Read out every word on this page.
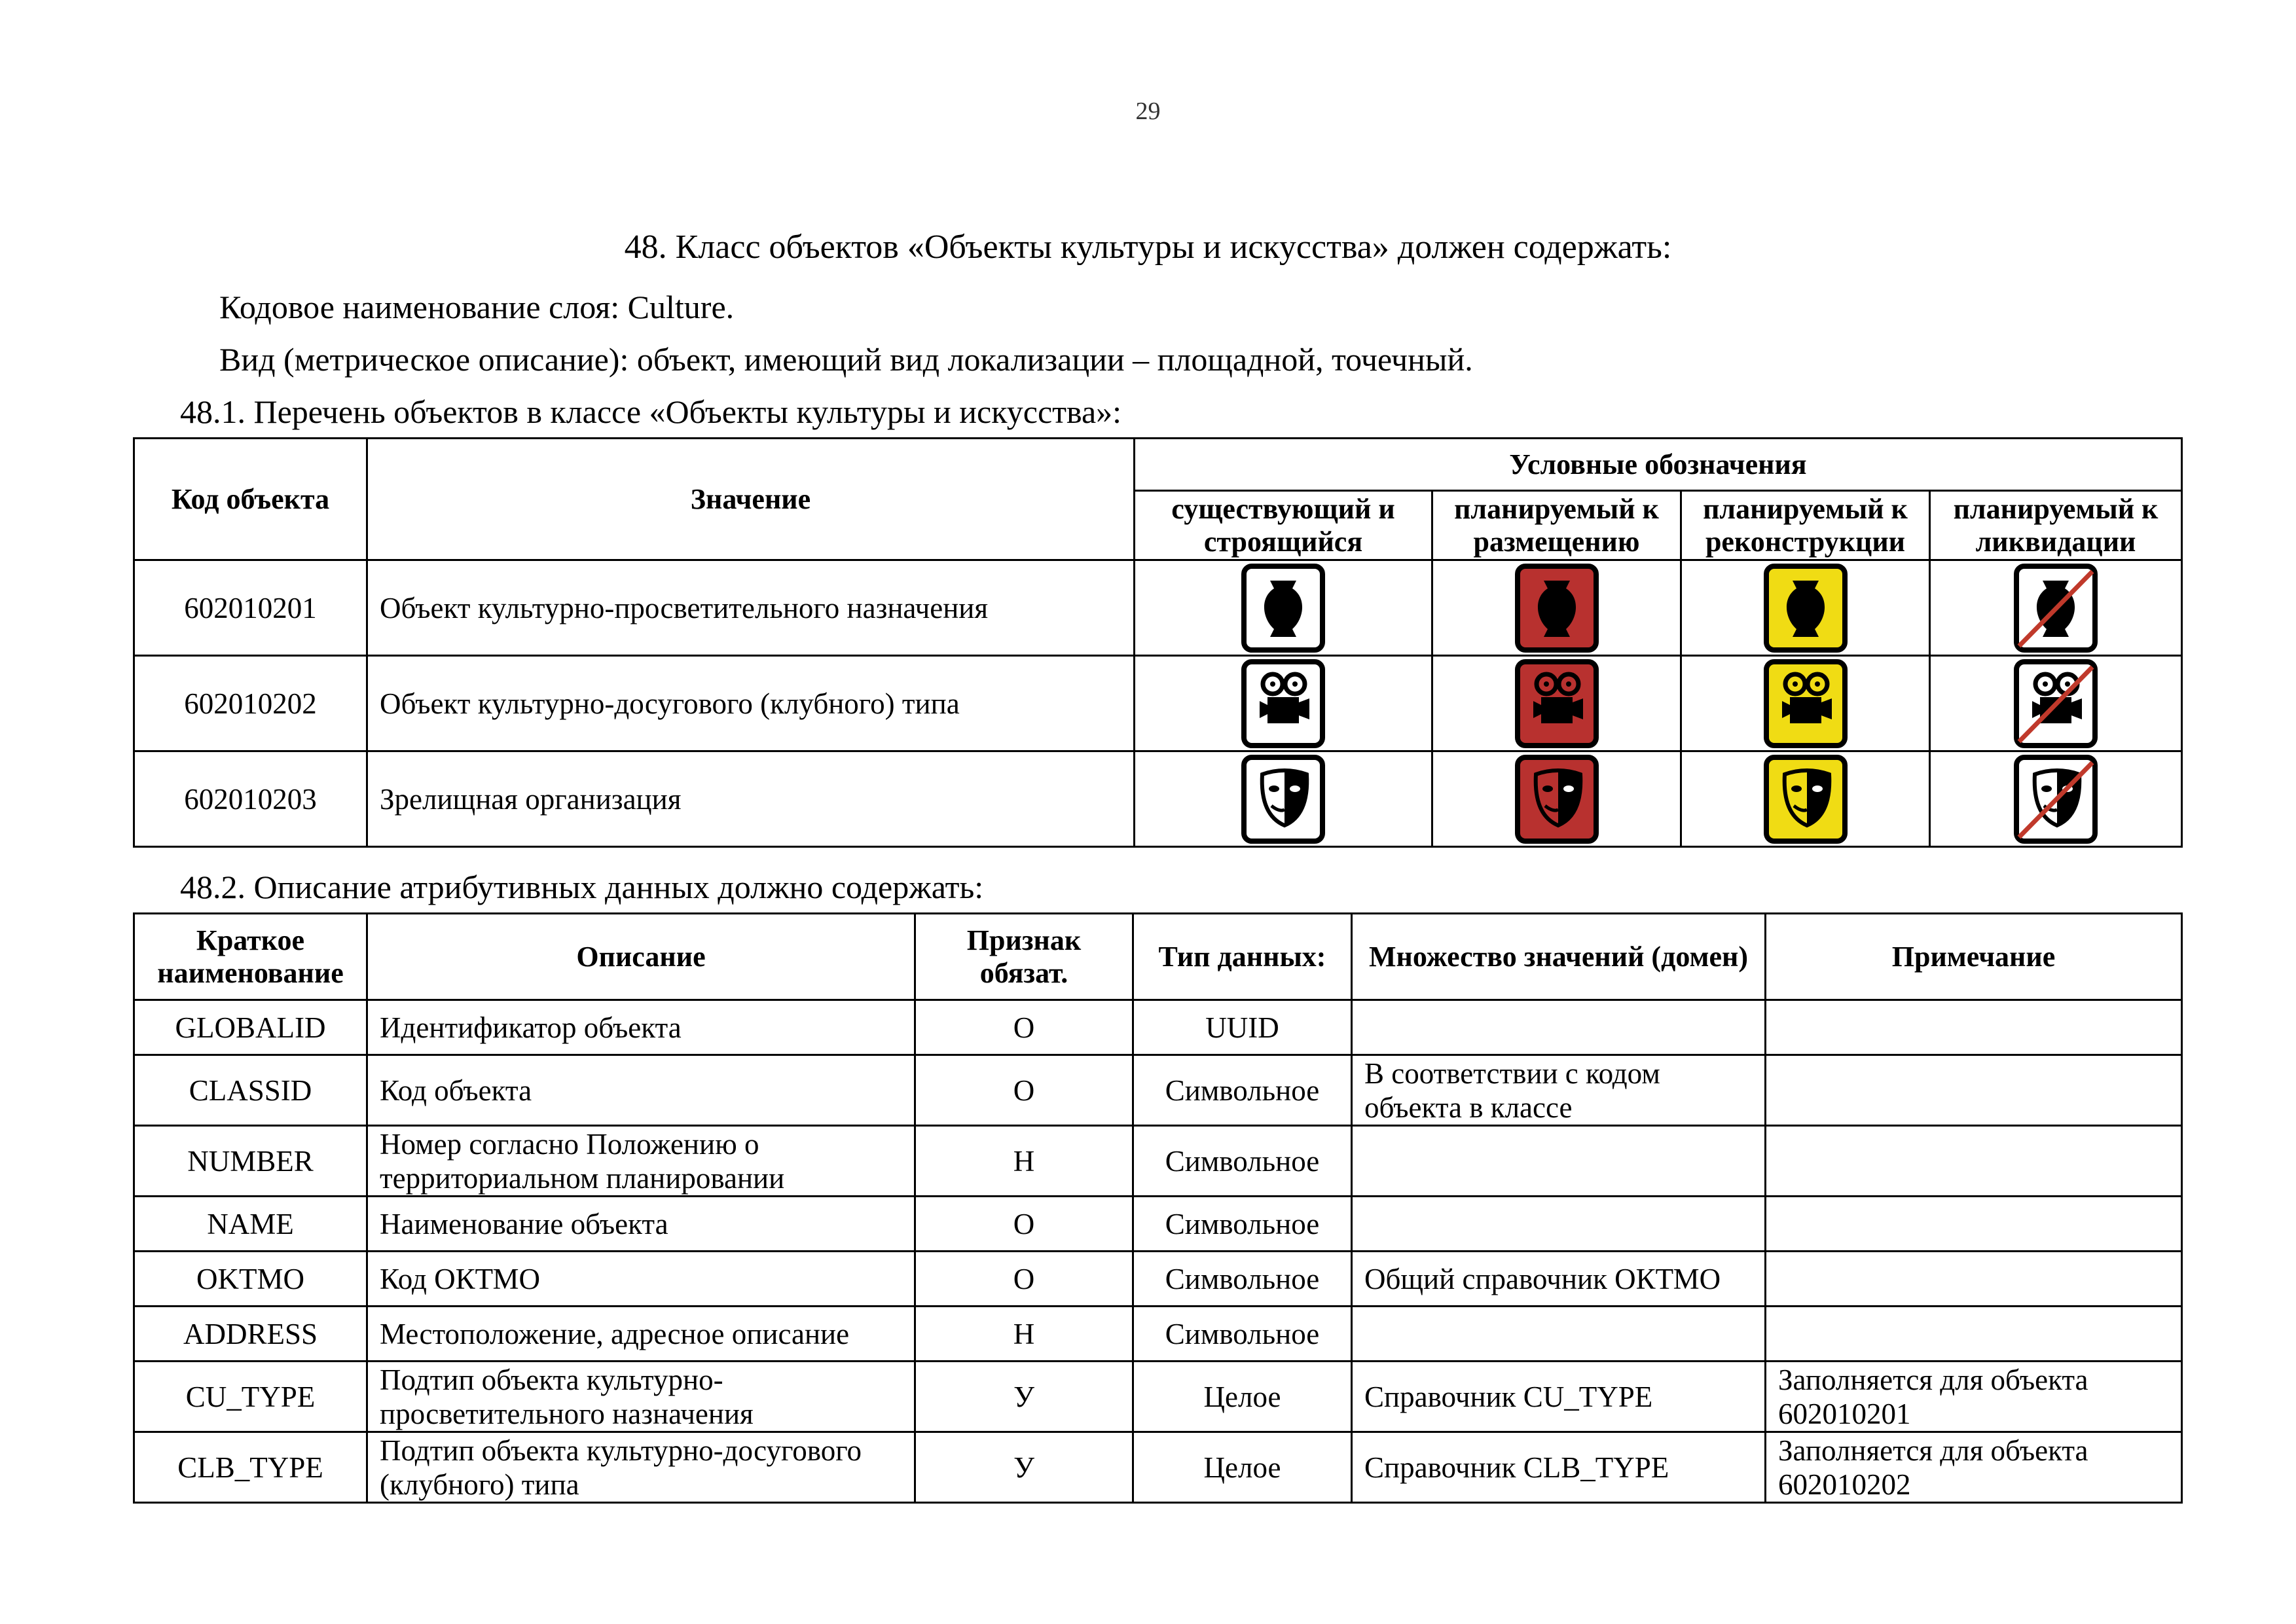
29
48. Класс объектов «Объекты культуры и искусства» должен содержать:
Кодовое наименование слоя: Culture.
Вид (метрическое описание): объект, имеющий вид локализации – площадной, точечный.
48.1. Перечень объектов в классе «Объекты культуры и искусства»:
Код объекта	Значение	Условные обозначения			
		существующий и строящийся	планируемый к размещению	планируемый к реконструкции	планируемый к ликвидации
602010201	Объект культурно-просветительного назначения	

602010202	Объект культурно-досугового (клубного) типа	

602010203	Зрелищная организация	

48.2. Описание атрибутивных данных должно содержать:
Краткое наименование	Описание	Признак обязат.	Тип данных:	Множество значений (домен)	Примечание
GLOBALID	Идентификатор объекта	О	UUID		
CLASSID	Код объекта	О	Символьное	В соответствии с кодом объекта в классе	
NUMBER	Номер согласно Положению о территориальном планировании	Н	Символьное		
NAME	Наименование объекта	О	Символьное		
OKTMO	Код ОКТМО	О	Символьное	Общий справочник ОКТМО	
ADDRESS	Местоположение, адресное описание	Н	Символьное		
CU_TYPE	Подтип объекта культурно-просветительного назначения	У	Целое	Справочник CU_TYPE	Заполняется для объекта 602010201
CLB_TYPE	Подтип объекта культурно-досугового (клубного) типа	У	Целое	Справочник CLB_TYPE	Заполняется для объекта 602010202
